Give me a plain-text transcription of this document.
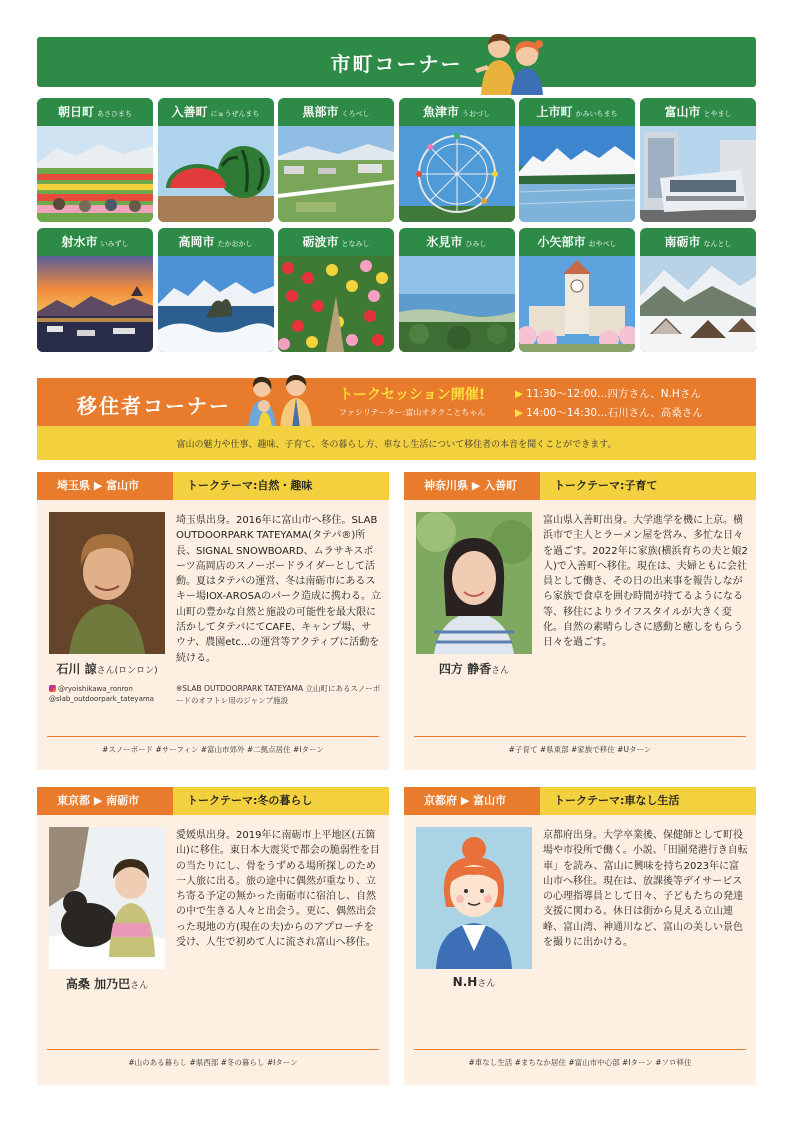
市町コーナー
朝日町 あさひまち	入善町 にゅうぜんまち	黒部市 くろべし	魚津市 うおづし	上市町 かみいちまち	富山市 とやまし
射水市 いみずし	高岡市 たかおかし	砺波市 となみし	氷見市 ひみし	小矢部市 おやべし	南砺市 なんとし
移住者コーナー	トークセッション開催!
ファシリテーター:富山オタクことちゃん
▶ 11:30〜12:00…四方さん、N.Hさん
▶ 14:00〜14:30…石川さん、高桑さん
富山の魅力や仕事、趣味、子育て、冬の暮らし方、車なし生活について移住者の本音を聞くことができます。
埼玉県 ▶ 富山市	トークテーマ:自然・趣味
石川 諒さん(ロンロン)
@ryoishikawa_ronron
@slab_outdoorpark_tateyama
埼玉県出身。2016年に富山市へ移住。SLAB OUTDOORPARK TATEYAMA(タテパ®)所長、SIGNAL SNOWBOARD、ムラサキスポーツ高岡店のスノーボードライダーとして活動。夏はタテパの運営、冬は南砺市にあるスキー場IOX-AROSAのパーク造成に携わる。立山町の豊かな自然と施設の可能性を最大限に活かしてタテパにてCAFE、キャンプ場、サウナ、農園etc...の運営等アクティブに活動を続ける。
※SLAB OUTDOORPARK TATEYAMA 立山町にあるスノーボードのオフトレ用のジャンプ施設
#スノーボード #サーフィン #富山市郊外 #二拠点居住 #Iターン
神奈川県 ▶ 入善町	トークテーマ:子育て
四方 静香さん
富山県入善町出身。大学進学を機に上京。横浜市で主人とラーメン屋を営み、多忙な日々を過ごす。2022年に家族(横浜育ちの夫と娘2人)で入善町へ移住。現在は、夫婦ともに会社員として働き、その日の出来事を報告しながら家族で食卓を囲む時間が持てるようになる等、移住によりライフスタイルが大きく変化。自然の素晴らしさに感動と癒しをもらう日々を過ごす。
#子育て #県東部 #家族で移住 #Uターン
東京都 ▶ 南砺市	トークテーマ:冬の暮らし
高桑 加乃巴さん
愛媛県出身。2019年に南砺市上平地区(五箇山)に移住。東日本大震災で都会の脆弱性を目の当たりにし、骨をうずめる場所探しのため一人旅に出る。旅の途中に偶然が重なり、立ち寄る予定の無かった南砺市に宿泊し、自然の中で生きる人々と出会う。更に、偶然出会った現地の方(現在の夫)からのアプローチを受け、人生で初めて人に流され富山へ移住。
#山のある暮らし #県西部 #冬の暮らし #Iターン
京都府 ▶ 富山市	トークテーマ:車なし生活
N.Hさん
京都府出身。大学卒業後、保健師として町役場や市役所で働く。小説、「田園発港行き自転車」を読み、富山に興味を持ち2023年に富山市へ移住。現在は、放課後等デイサービスの心理指導員として日々、子どもたちの発達支援に関わる。休日は街から見える立山連峰、富山湾、神通川など、富山の美しい景色を撮りに出かける。
#車なし生活 #まちなか居住 #富山市中心部 #Iターン #ソロ移住
